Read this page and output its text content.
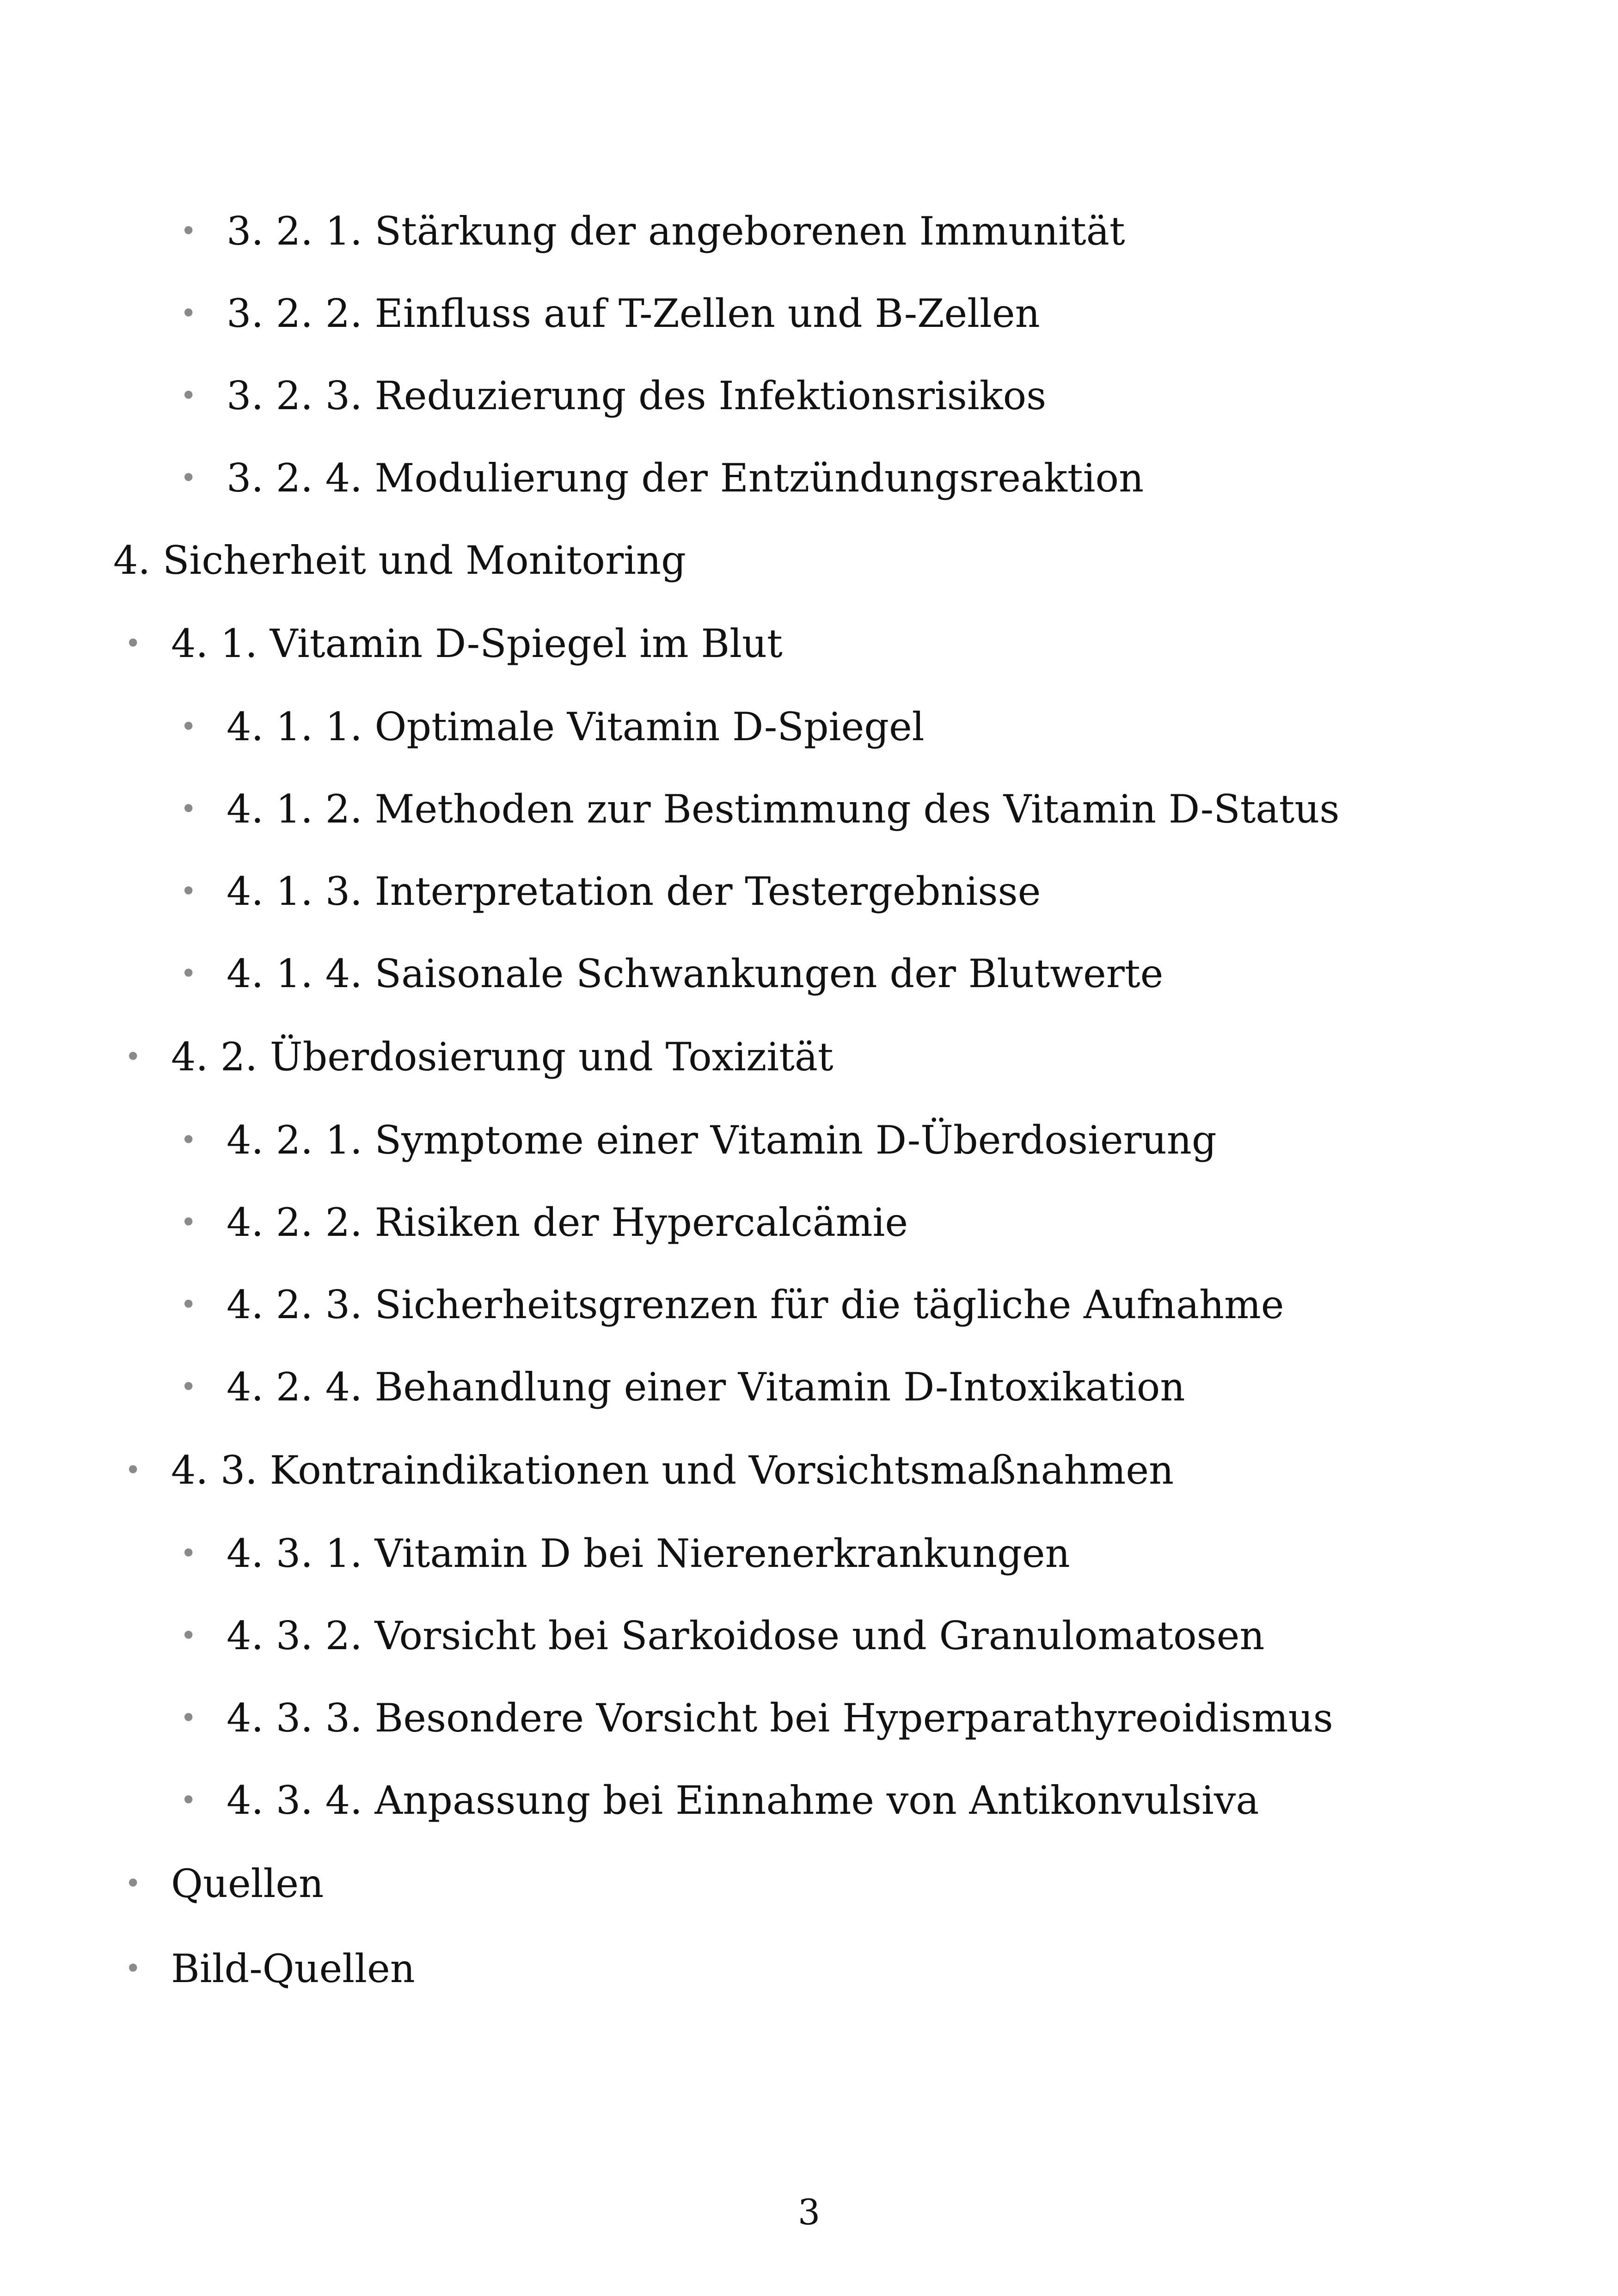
• 3. 2. 1. Stärkung der angeborenen Immunität
• 3. 2. 2. Einfluss auf T-Zellen und B-Zellen
• 3. 2. 3. Reduzierung des Infektionsrisikos
• 3. 2. 4. Modulierung der Entzündungsreaktion
4. Sicherheit und Monitoring
• 4. 1. Vitamin D-Spiegel im Blut
• 4. 1. 1. Optimale Vitamin D-Spiegel
• 4. 1. 2. Methoden zur Bestimmung des Vitamin D-Status
• 4. 1. 3. Interpretation der Testergebnisse
• 4. 1. 4. Saisonale Schwankungen der Blutwerte
• 4. 2. Überdosierung und Toxizität
• 4. 2. 1. Symptome einer Vitamin D-Überdosierung
• 4. 2. 2. Risiken der Hypercalcämie
• 4. 2. 3. Sicherheitsgrenzen für die tägliche Aufnahme
• 4. 2. 4. Behandlung einer Vitamin D-Intoxikation
• 4. 3. Kontraindikationen und Vorsichtsmaßnahmen
• 4. 3. 1. Vitamin D bei Nierenerkrankungen
• 4. 3. 2. Vorsicht bei Sarkoidose und Granulomatosen
• 4. 3. 3. Besondere Vorsicht bei Hyperparathyreoidismus
• 4. 3. 4. Anpassung bei Einnahme von Antikonvulsiva
• Quellen
• Bild-Quellen
3
